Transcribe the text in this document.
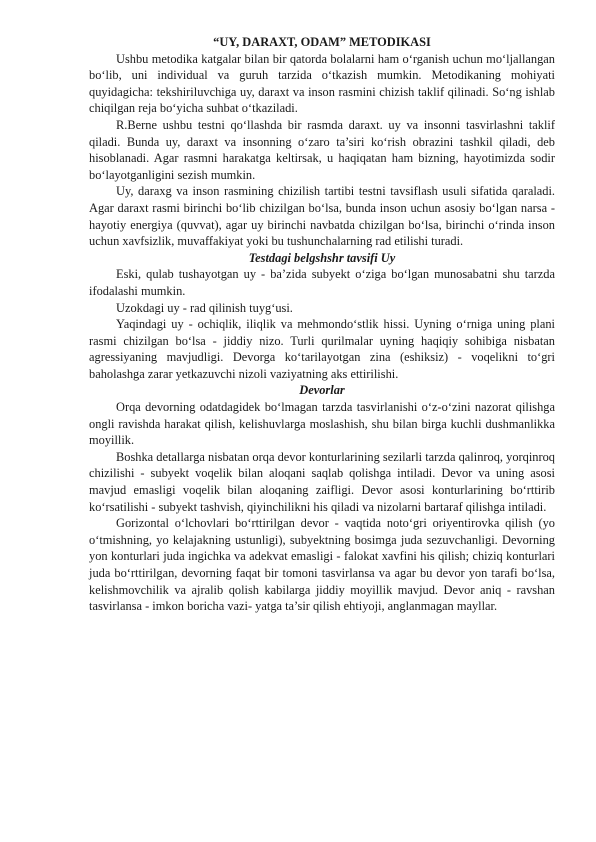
“UY, DARAXT, ODAM” METODIKASI

Ushbu metodika katgalar bilan bir qatorda bolalarni ham o‘rganish uchun mo‘ljallangan bo‘lib, uni individual va guruh tarzida o‘tkazish mumkin. Metodikaning mohiyati quyidagicha: tekshiriluvchiga uy, daraxt va inson rasmini chizish taklif qilinadi. So‘ng ishlab chiqilgan reja bo‘yicha suhbat o‘tkaziladi.

R.Berne ushbu testni qo‘llashda bir rasmda daraxt. uy va insonni tasvirlashni taklif qiladi. Bunda uy, daraxt va insonning o‘zaro ta’siri ko‘rish obrazini tashkil qiladi, deb hisoblanadi. Agar rasmni harakatga keltirsak, u haqiqatan ham bizning, hayotimizda sodir bo‘layotganligini sezish mumkin.

Uy, daraxg va inson rasmining chizilish tartibi testni tavsiflash usuli sifatida qaraladi. Agar daraxt rasmi birinchi bo‘lib chizilgan bo‘lsa, bunda inson uchun asosiy bo‘lgan narsa - hayotiy energiya (quvvat), agar uy birinchi navbatda chizilgan bo‘lsa, birinchi o‘rinda inson uchun xavfsizlik, muvaffakiyat yoki bu tushunchalarning rad etilishi turadi.

Testdagi belgshshr tavsifi Uy

Eski, qulab tushayotgan uy - ba’zida subyekt o‘ziga bo‘lgan munosabatni shu tarzda ifodalashi mumkin.

Uzokdagi uy - rad qilinish tuyg‘usi.

Yaqindagi uy - ochiqlik, iliqlik va mehmondo‘stlik hissi. Uyning o‘rniga uning plani rasmi chizilgan bo‘lsa - jiddiy nizo. Turli qurilmalar uyning haqiqiy sohibiga nisbatan agressiyaning mavjudligi. Devorga ko‘tarilayotgan zina (eshiksiz) - voqelikni to‘gri baholashga zarar yetkazuvchi nizoli vaziyatning aks ettirilishi.

Devorlar

Orqa devorning odatdagidek bo‘lmagan tarzda tasvirlanishi o‘z-o‘zini nazorat qilishga ongli ravishda harakat qilish, kelishuvlarga moslashish, shu bilan birga kuchli dushmanlikka moyillik.

Boshka detallarga nisbatan orqa devor konturlarining sezilarli tarzda qalinroq, yorqinroq chizilishi - subyekt voqelik bilan aloqani saqlab qolishga intiladi. Devor va uning asosi mavjud emasligi voqelik bilan aloqaning zaifligi. Devor asosi konturlarining bo‘rttirib ko‘rsatilishi - subyekt tashvish, qiyinchilikni his qiladi va nizolarni bartaraf qilishga intiladi.

Gorizontal o‘lchovlari bo‘rttirilgan devor - vaqtida noto‘gri oriyentirovka qilish (yo o‘tmishning, yo kelajakning ustunligi), subyektning bosimga juda sezuvchanligi. Devorning yon konturlari juda ingichka va adekvat emasligi - falokat xavfini his qilish; chiziq konturlari juda bo‘rttirilgan, devorning faqat bir tomoni tasvirlansa va agar bu devor yon tarafi bo‘lsa, kelishmovchilik va ajralib qolish kabilarga jiddiy moyillik mavjud. Devor aniq - ravshan tasvirlansa - imkon boricha vazi- yatga ta’sir qilish ehtiyoji, anglanmagan mayllar.
